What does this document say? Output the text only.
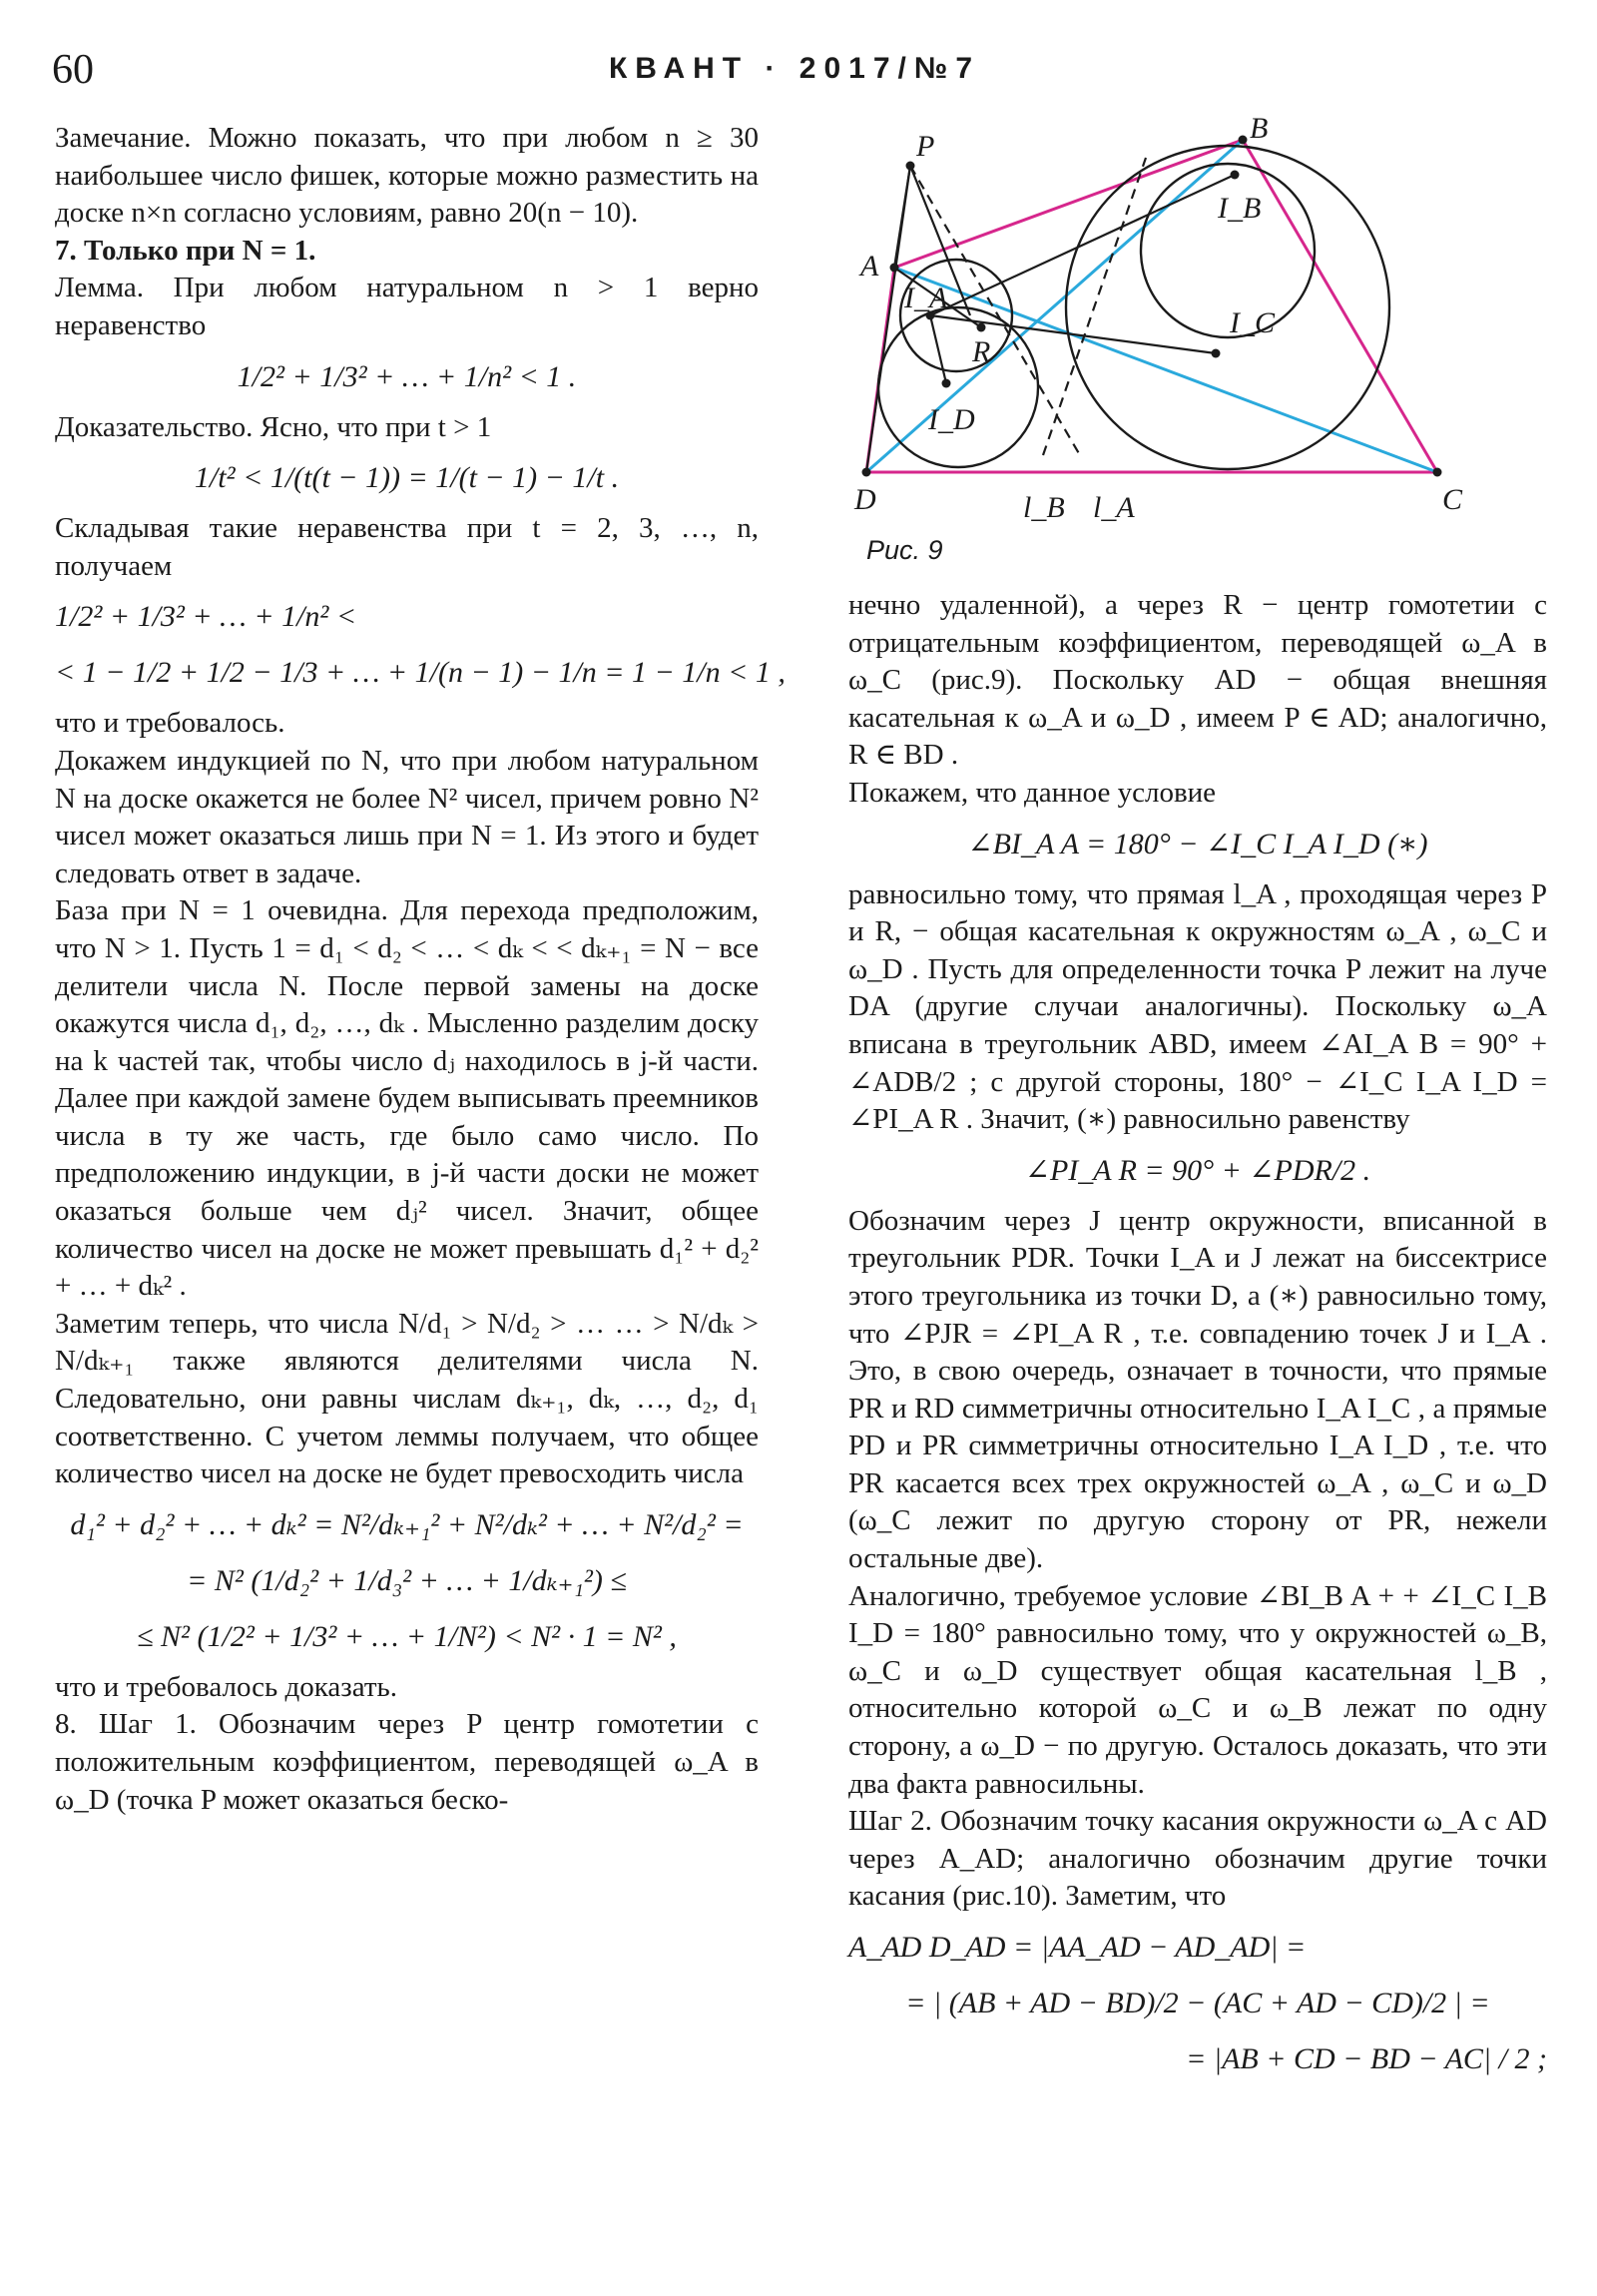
60	КВАНТ · 2017/№7

Замечание. Можно показать, что при любом n ≥ 30 наибольшее число фишек, которые можно разместить на доске n×n согласно условиям, равно 20(n − 10).

7. Только при N = 1.

Лемма. При любом натуральном n > 1 верно неравенство

1/2² + 1/3² + … + 1/n² < 1 .

Доказательство. Ясно, что при t > 1

1/t² < 1/(t(t − 1)) = 1/(t − 1) − 1/t .

Складывая такие неравенства при t = 2, 3, …, n, получаем

1/2² + 1/3² + … + 1/n² <
< 1 − 1/2 + 1/2 − 1/3 + … + 1/(n − 1) − 1/n = 1 − 1/n < 1 ,

что и требовалось.

Докажем индукцией по N, что при любом натуральном N на доске окажется не более N² чисел, причем ровно N² чисел может оказаться лишь при N = 1. Из этого и будет следовать ответ в задаче.

База при N = 1 очевидна. Для перехода предположим, что N > 1. Пусть 1 = d₁ < d₂ < … < dₖ < < dₖ₊₁ = N − все делители числа N. После первой замены на доске окажутся числа d₁, d₂, …, dₖ . Мысленно разделим доску на k частей так, чтобы число dⱼ находилось в j-й части. Далее при каждой замене будем выписывать преемников числа в ту же часть, где было само число. По предположению индукции, в j-й части доски не может оказаться больше чем dⱼ² чисел. Значит, общее количество чисел на доске не может превышать d₁² + d₂² + … + dₖ² .

Заметим теперь, что числа N/d₁ > N/d₂ > … … > N/dₖ > N/dₖ₊₁ также являются делителями числа N. Следовательно, они равны числам dₖ₊₁, dₖ, …, d₂, d₁ соответственно. С учетом леммы получаем, что общее количество чисел на доске не будет превосходить числа

d₁² + d₂² + … + dₖ² = N²/dₖ₊₁² + N²/dₖ² + … + N²/d₂² =
= N² (1/d₂² + 1/d₃² + … + 1/dₖ₊₁²) ≤
≤ N² (1/2² + 1/3² + … + 1/N²) < N² · 1 = N² ,

что и требовалось доказать.

8. Шаг 1. Обозначим через P центр гомотетии с положительным коэффициентом, переводящей ω_A в ω_D (точка P может оказаться беско-

P
B
A
I_A
I_B
I_C
R
I_D
D	l_B l_A	C
Рис. 9

нечно удаленной), а через R − центр гомотетии с отрицательным коэффициентом, переводящей ω_A в ω_C (рис.9). Поскольку AD − общая внешняя касательная к ω_A и ω_D , имеем P ∈ AD; аналогично, R ∈ BD .

Покажем, что данное условие

∠BI_A A = 180° − ∠I_C I_A I_D (∗)

равносильно тому, что прямая l_A , проходящая через P и R, − общая касательная к окружностям ω_A , ω_C и ω_D . Пусть для определенности точка P лежит на луче DA (другие случаи аналогичны). Поскольку ω_A вписана в треугольник ABD, имеем ∠AI_A B = 90° + ∠ADB/2 ; с другой стороны, 180° − ∠I_C I_A I_D = ∠PI_A R . Значит, (∗) равносильно равенству

∠PI_A R = 90° + ∠PDR/2 .

Обозначим через J центр окружности, вписанной в треугольник PDR. Точки I_A и J лежат на биссектрисе этого треугольника из точки D, а (∗) равносильно тому, что ∠PJR = ∠PI_A R , т.е. совпадению точек J и I_A . Это, в свою очередь, означает в точности, что прямые PR и RD симметричны относительно I_A I_C , а прямые PD и PR симметричны относительно I_A I_D , т.е. что PR касается всех трех окружностей ω_A , ω_C и ω_D (ω_C лежит по другую сторону от PR, нежели остальные две).

Аналогично, требуемое условие ∠BI_B A + + ∠I_C I_B I_D = 180° равносильно тому, что у окружностей ω_B, ω_C и ω_D существует общая касательная l_B , относительно которой ω_C и ω_B лежат по одну сторону, а ω_D − по другую. Осталось доказать, что эти два факта равносильны.

Шаг 2. Обозначим точку касания окружности ω_A с AD через A_AD; аналогично обозначим другие точки касания (рис.10). Заметим, что

A_AD D_AD = |AA_AD − AD_AD| =
= | (AB + AD − BD)/2 − (AC + AD − CD)/2 | =
= |AB + CD − BD − AC| / 2 ;
